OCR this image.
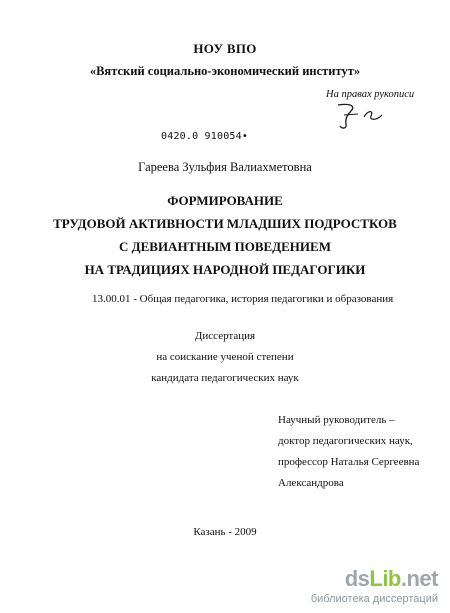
НОУ ВПО
«Вятский социально-экономический институт»
На правах рукописи
0420.0 910054•
Гареева Зульфия Валиахметовна
ФОРМИРОВАНИЕ
ТРУДОВОЙ АКТИВНОСТИ МЛАДШИХ ПОДРОСТКОВ
С ДЕВИАНТНЫМ ПОВЕДЕНИЕМ
НА ТРАДИЦИЯХ НАРОДНОЙ ПЕДАГОГИКИ
13.00.01 - Общая педагогика, история педагогики и образования
Диссертация
на соискание ученой степени
кандидата педагогических наук
Научный руководитель –
доктор педагогических наук,
профессор Наталья Сергеевна
Александрова
Казань - 2009
dsLib.net
библиотека диссертаций
